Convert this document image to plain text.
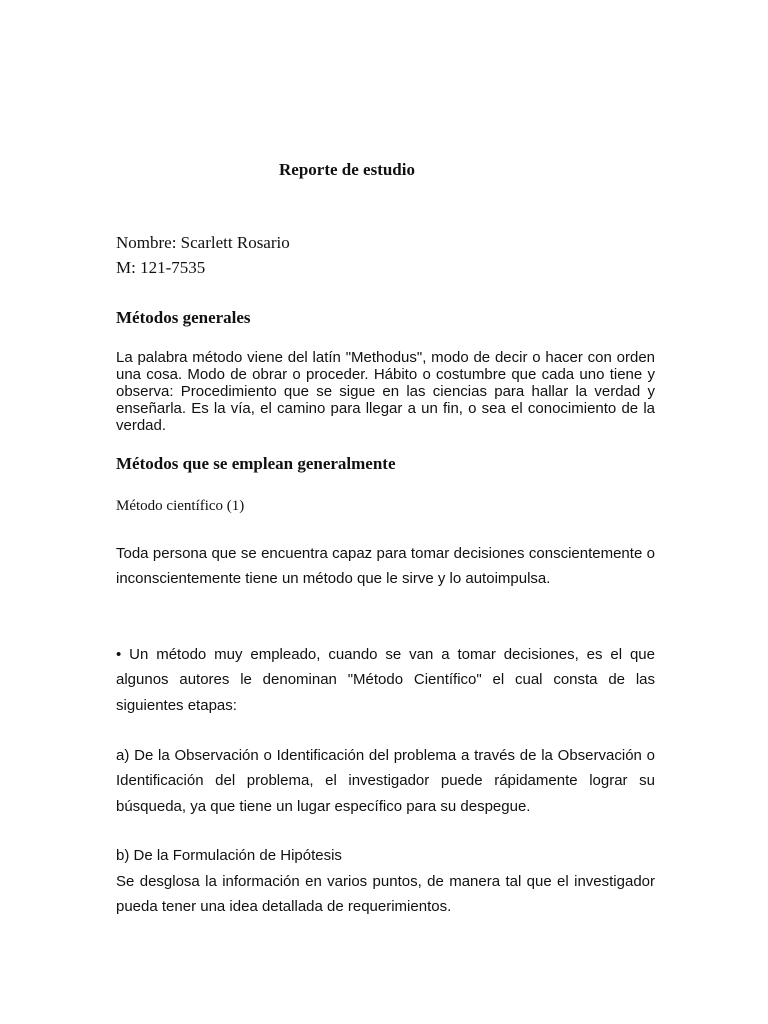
Reporte de estudio
Nombre: Scarlett Rosario
M: 121-7535
Métodos generales

La palabra método viene del latín "Methodus", modo de decir o hacer con orden una cosa. Modo de obrar o proceder. Hábito o costumbre que cada uno tiene y observa: Procedimiento que se sigue en las ciencias para hallar la verdad y enseñarla. Es la vía, el camino para llegar a un fin, o sea el conocimiento de la verdad.

Métodos que se emplean generalmente
Método científico (1)

Toda persona que se encuentra capaz para tomar decisiones conscientemente o inconscientemente tiene un método que le sirve y lo autoimpulsa.

• Un método muy empleado, cuando se van a tomar decisiones, es el que algunos autores le denominan "Método Científico" el cual consta de las siguientes etapas:

a) De la Observación o Identificación del problema a través de la Observación o Identificación del problema, el investigador puede rápidamente lograr su búsqueda, ya que tiene un lugar específico para su despegue.

b) De la Formulación de Hipótesis

Se desglosa la información en varios puntos, de manera tal que el investigador pueda tener una idea detallada de requerimientos.
